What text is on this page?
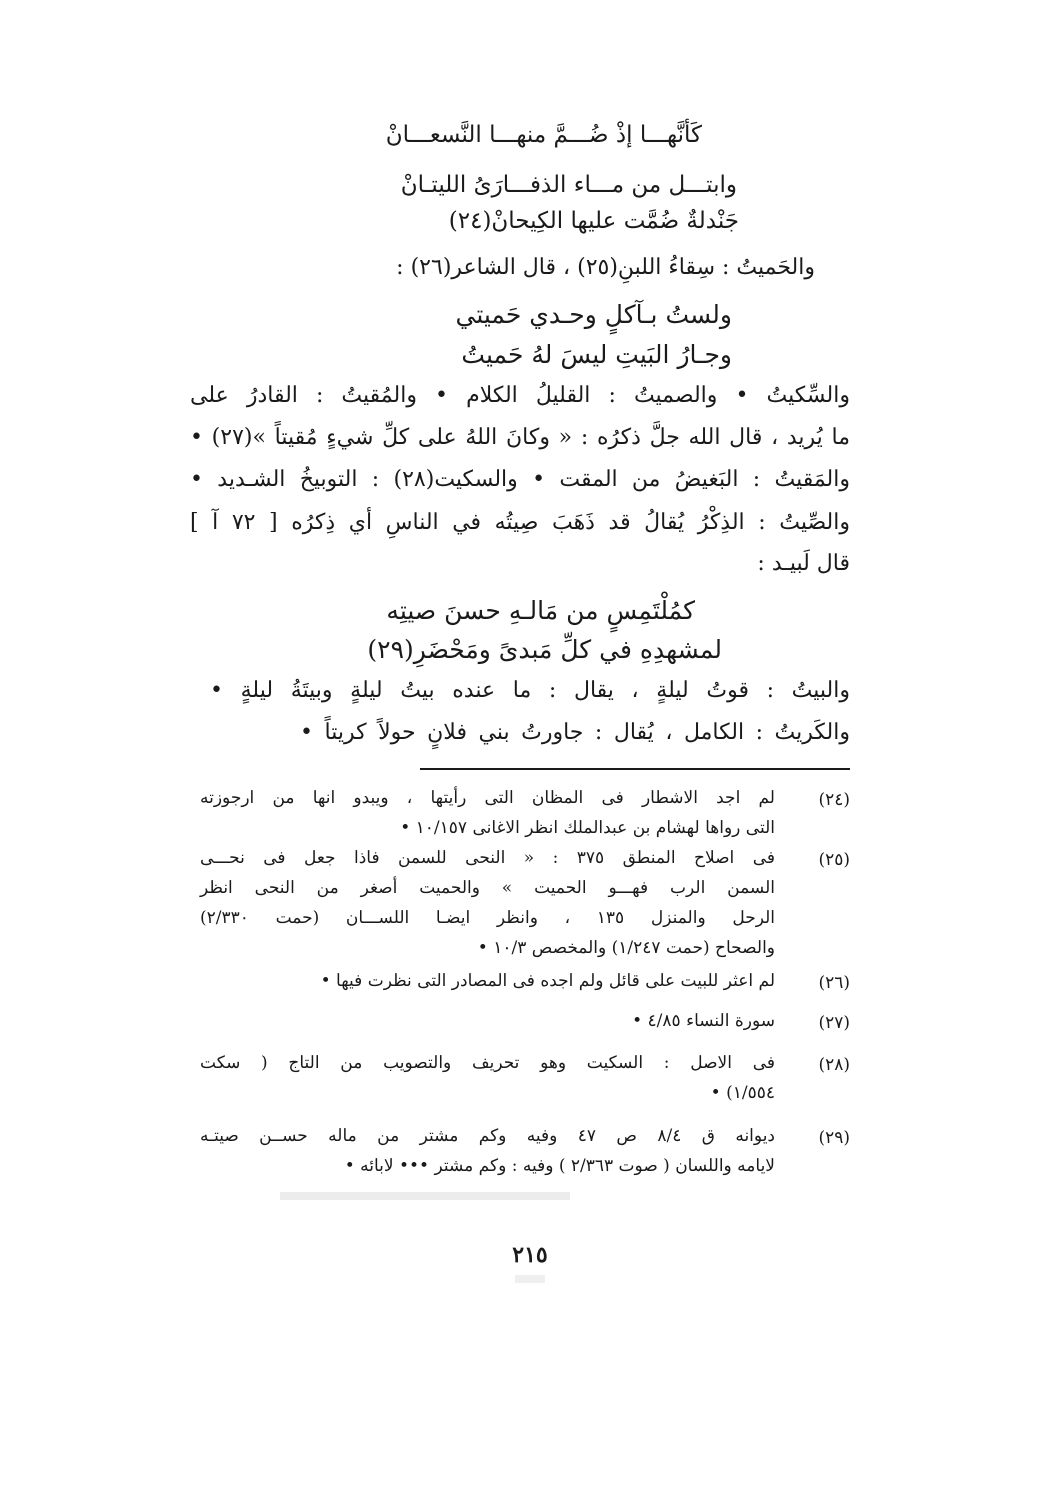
كَأنَّهـــا إذْ ضُـــمَّ منهـــا النَّسعـــانْ
وابتـــل من مـــاء الذفـــارَىُ الليتـانْ
جَنْدلةٌ ضُمَّت عليها الكِيحانْ(٢٤)
والحَميتُ : سِقاءُ اللبنِ(٢٥) ، قال الشاعر(٢٦) :
ولستُ بـآكلٍ وحـدي حَميتي
وجـارُ البَيتِ ليسَ لهُ حَميتُ
والسِّكيتُ • والصميتُ : القليلُ الكلام • والمُقيتُ : القادرُ على
ما يُريد ، قال الله جلَّ ذكرُه : « وكانَ اللهُ على كلِّ شيءٍ مُقيتاً »(٢٧) •
والمَقيتُ : البَغيضُ من المقت • والسكيت(٢٨) : التوبيخُ الشـديد •
والصِّيتُ : الذِكْرُ يُقالُ قد ذَهَبَ صِيتُه في الناسِ أي ذِكرُه [ ٧٢ آ ]
قال لَبيـد :
كمُلْتَمِسٍ من مَالـهِ حسنَ صيتِه
لمشهدِهِ في كلِّ مَبدىً ومَحْضَرِ(٢٩)
والبيتُ : قوتُ ليلةٍ ، يقال : ما عنده بيتُ ليلةٍ وبيتَةُ ليلةٍ •
والكَريتُ : الكامل ، يُقال : جاورتُ بني فلانٍ حولاً كريتاً •
(٢٤)
لم اجد الاشطار فى المظان التى رأيتها ، ويبدو انها من ارجوزته
التى رواها لهشام بن عبدالملك انظر الاغانى ١٠/١٥٧ •
(٢٥)
فى اصلاح المنطق ٣٧٥ : « النحى للسمن فاذا جعل فى نحـــى
السمن الرب فهـــو الحميت » والحميت أصغر من النحى انظر
الرحل والمنزل ١٣٥ ، وانظر ايضـا اللســـان (حمت ٢/٣٣٠)
والصحاح (حمت ١/٢٤٧) والمخصص ١٠/٣ •
(٢٦)
لم اعثر للبيت على قائل ولم اجده فى المصادر التى نظرت فيها •
(٢٧)
سورة النساء ٤/٨٥ •
(٢٨)
فى الاصل : السكيت وهو تحريف والتصويب من التاج ( سكت
١/٥٥٤) •
(٢٩)
ديوانه ق ٨/٤ ص ٤٧ وفيه وكم مشتر من ماله حســن صيتـه
لايامه واللسان ( صوت ٢/٣٦٣ ) وفيه : وكم مشتر ••• لابائه •
٢١٥
